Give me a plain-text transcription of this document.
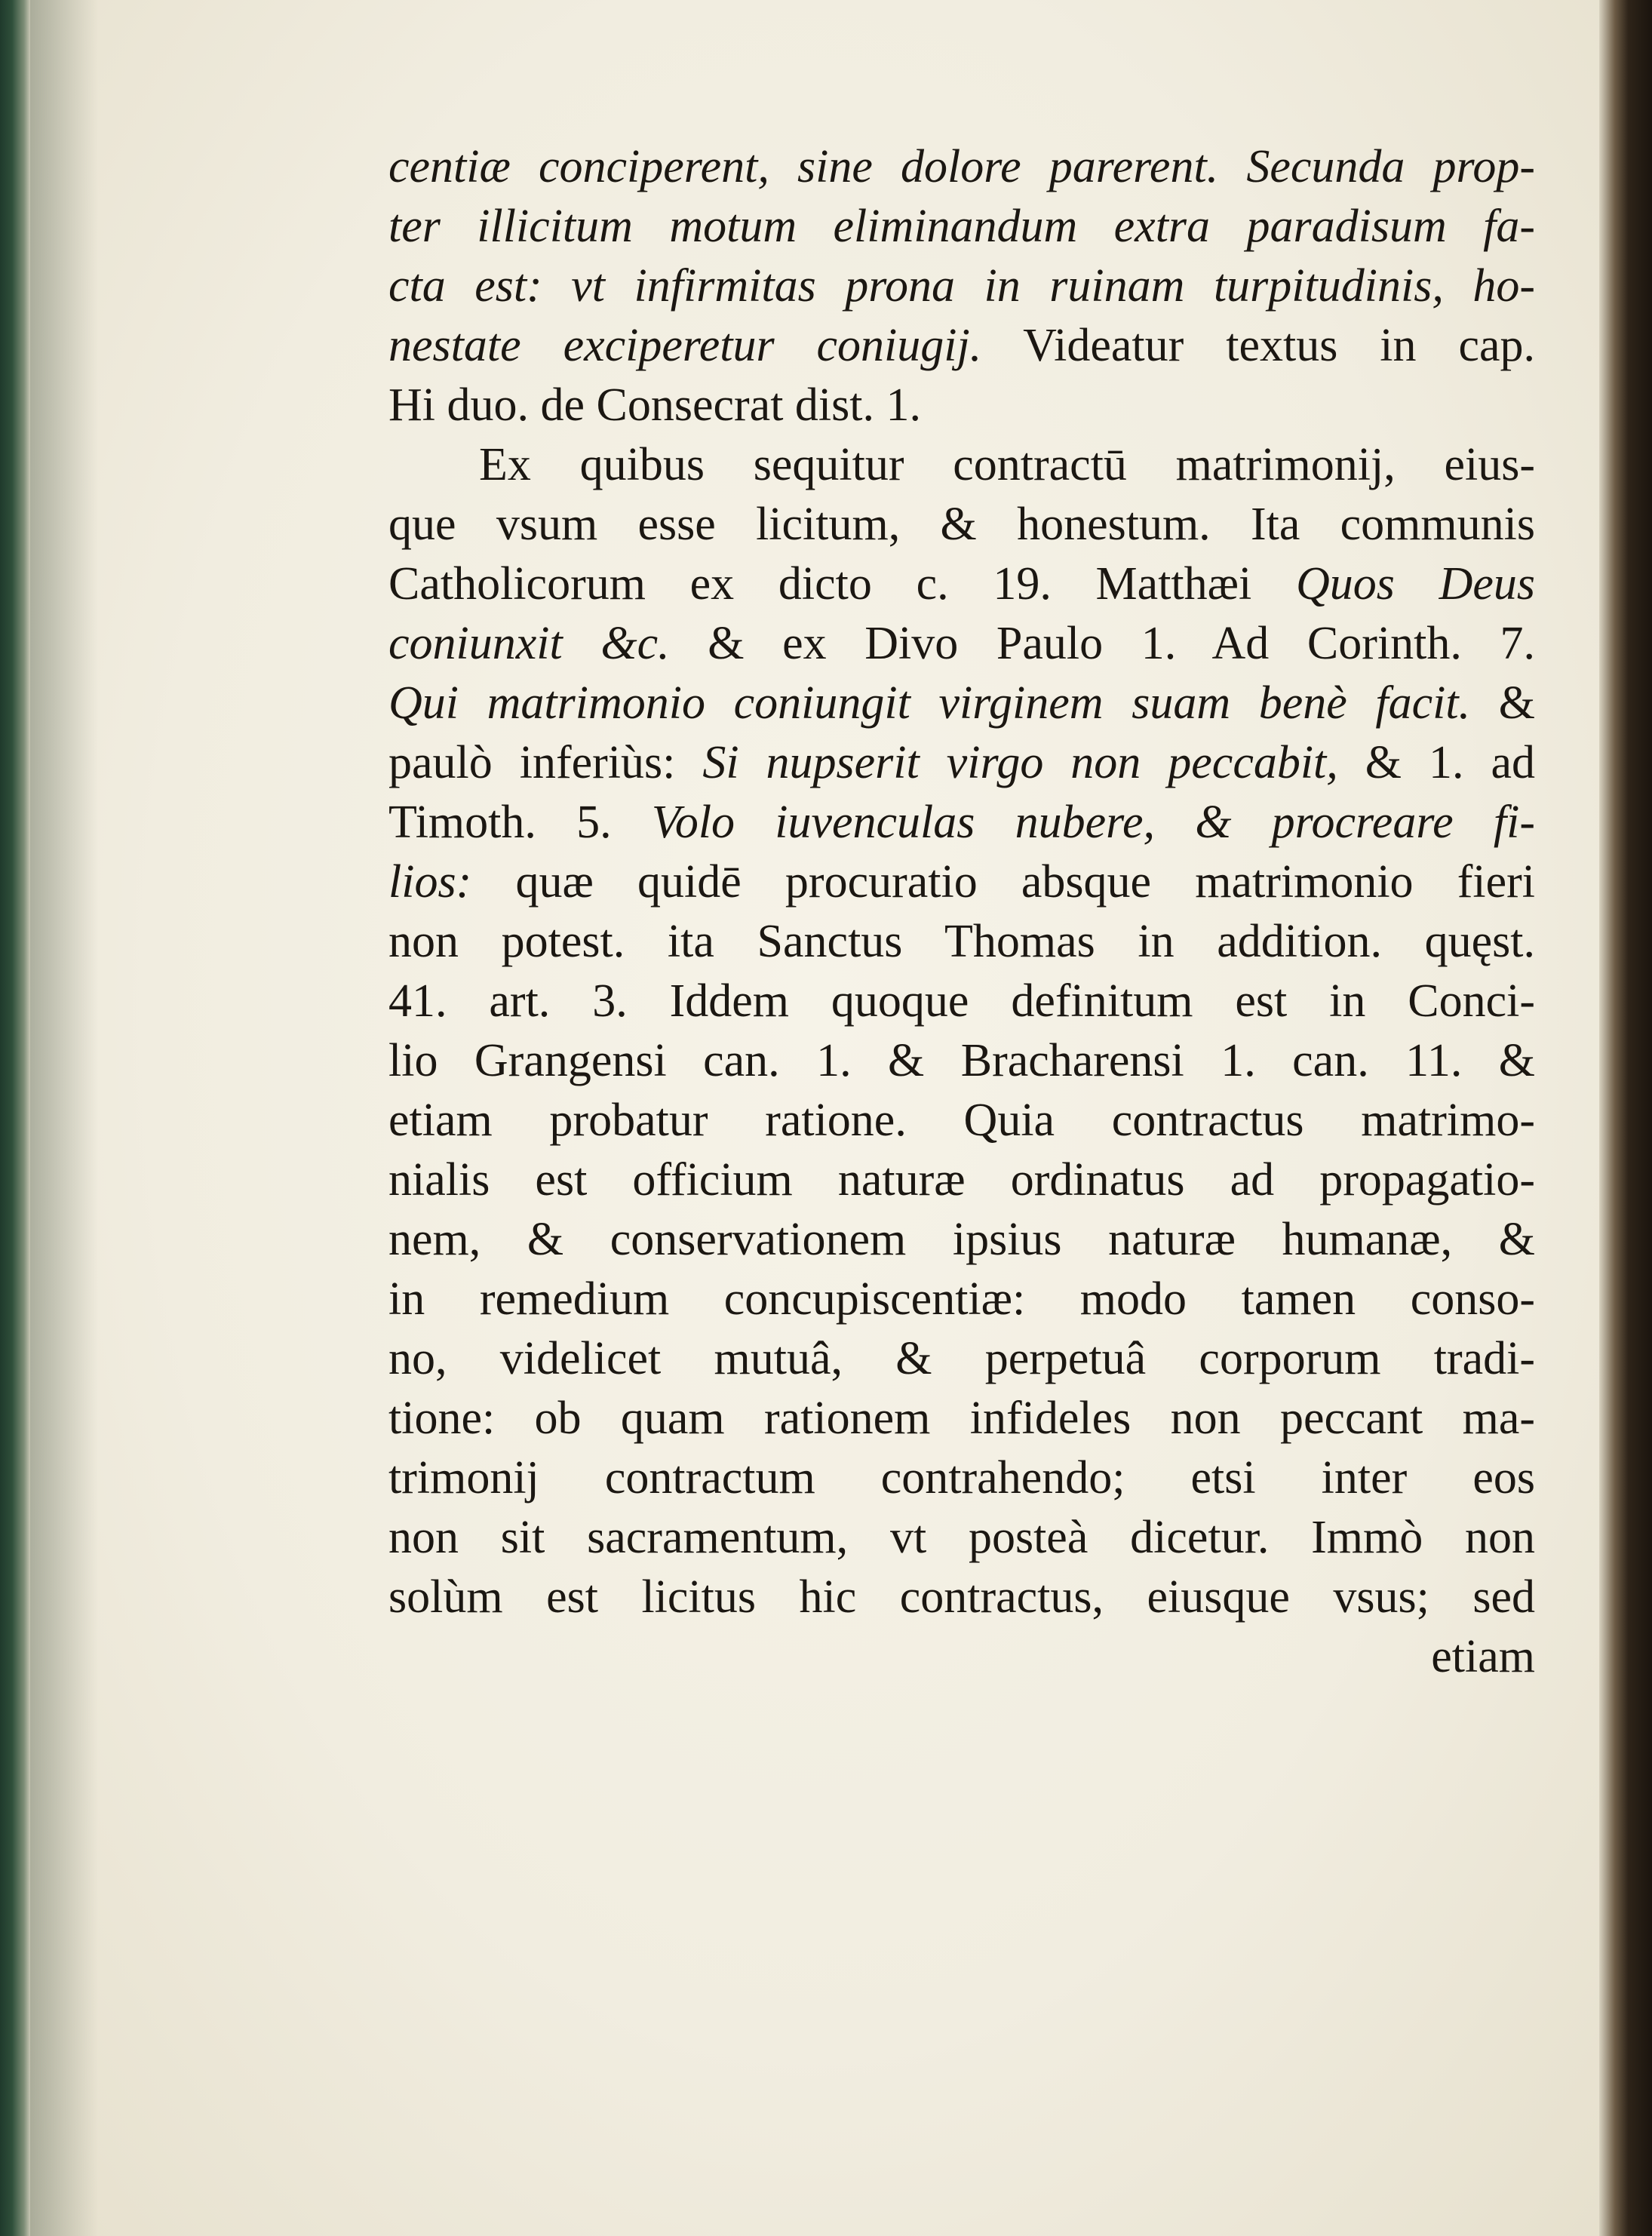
centiæ conciperent, sine dolore parerent. Secunda prop-
ter illicitum motum eliminandum extra paradisum fa-
cta est: vt infirmitas prona in ruinam turpitudinis, ho-
nestate exciperetur coniugij. Videatur textus in cap.
Hi duo. de Consecrat dist. 1.
Ex quibus sequitur contractū matrimonij, eius-
que vsum esse licitum, & honestum. Ita communis
Catholicorum ex dicto c. 19. Matthæi Quos Deus
coniunxit &c. & ex Divo Paulo 1. Ad Corinth. 7.
Qui matrimonio coniungit virginem suam benè facit. &
paulò inferiùs: Si nupserit virgo non peccabit, & 1. ad
Timoth. 5. Volo iuvenculas nubere, & procreare fi-
lios: quæ quidē procuratio absque matrimonio fieri
non potest. ita Sanctus Thomas in addition. quęst.
41. art. 3. Iddem quoque definitum est in Conci-
lio Grangensi can. 1. & Bracharensi 1. can. 11. &
etiam probatur ratione. Quia contractus matrimo-
nialis est officium naturæ ordinatus ad propagatio-
nem, & conservationem ipsius naturæ humanæ, &
in remedium concupiscentiæ: modo tamen conso-
no, videlicet mutuâ, & perpetuâ corporum tradi-
tione: ob quam rationem infideles non peccant ma-
trimonij contractum contrahendo; etsi inter eos
non sit sacramentum, vt posteà dicetur. Immò non
solùm est licitus hic contractus, eiusque vsus; sed
etiam
